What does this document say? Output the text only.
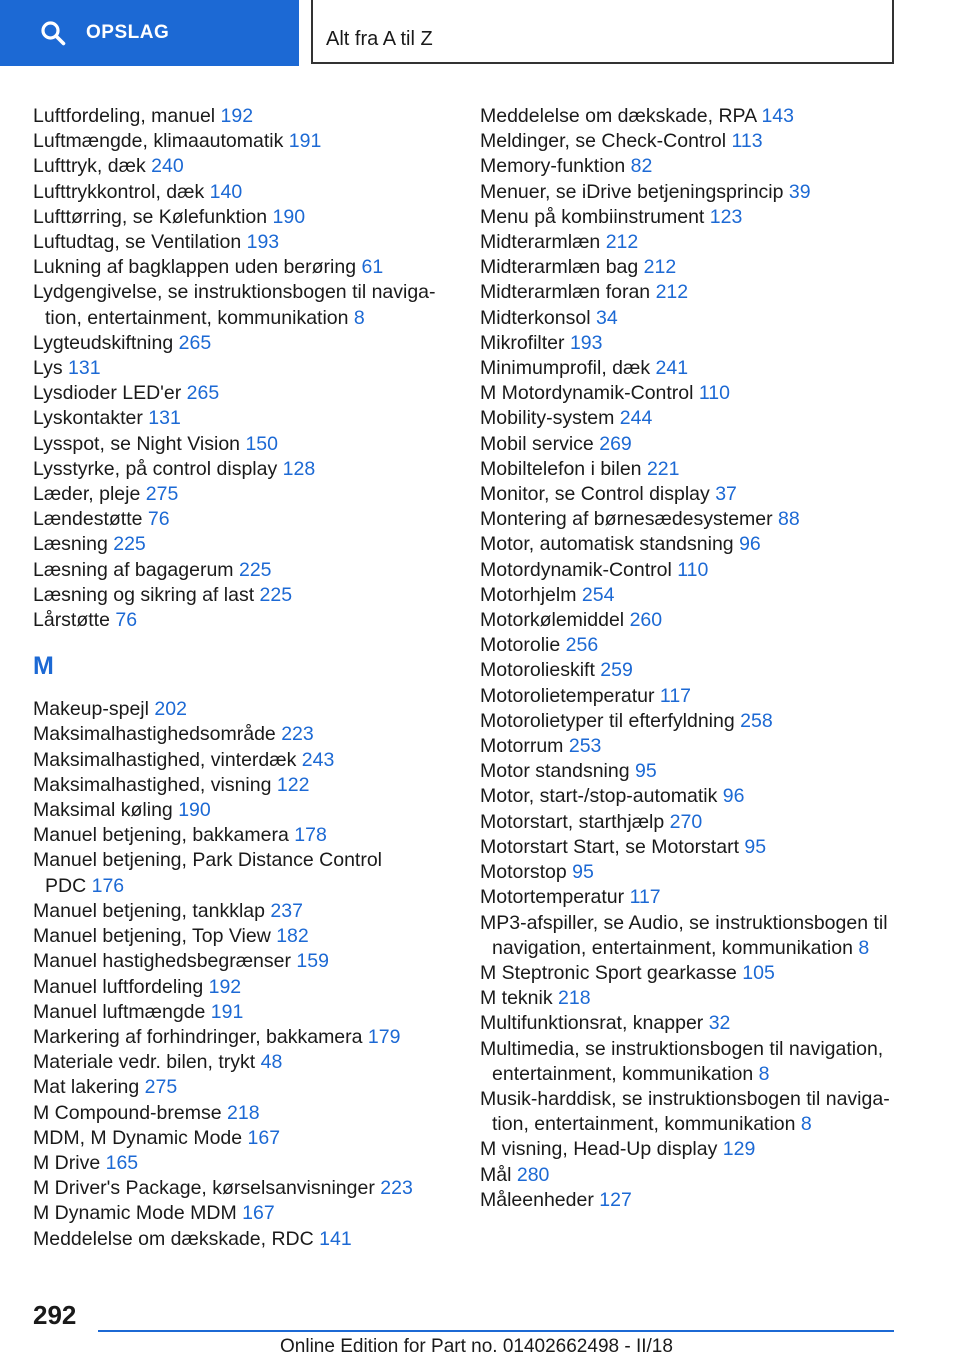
OPSLAG	Alt fra A til Z
Luftfordeling, manuel 192
Luftmængde, klimaautomatik 191
Lufttryk, dæk 240
Lufttrykkontrol, dæk 140
Lufttørring, se Kølefunktion 190
Luftudtag, se Ventilation 193
Lukning af bagklappen uden berøring 61
Lydgengivelse, se instruktionsbogen til naviga-
tion, entertainment, kommunikation 8
Lygteudskiftning 265
Lys 131
Lysdioder LED'er 265
Lyskontakter 131
Lysspot, se Night Vision 150
Lysstyrke, på control display 128
Læder, pleje 275
Lændestøtte 76
Læsning 225
Læsning af bagagerum 225
Læsning og sikring af last 225
Lårstøtte 76
M
Makeup-spejl 202
Maksimalhastighedsområde 223
Maksimalhastighed, vinterdæk 243
Maksimalhastighed, visning 122
Maksimal køling 190
Manuel betjening, bakkamera 178
Manuel betjening, Park Distance Control
PDC 176
Manuel betjening, tankklap 237
Manuel betjening, Top View 182
Manuel hastighedsbegrænser 159
Manuel luftfordeling 192
Manuel luftmængde 191
Markering af forhindringer, bakkamera 179
Materiale vedr. bilen, trykt 48
Mat lakering 275
M Compound-bremse 218
MDM, M Dynamic Mode 167
M Drive 165
M Driver's Package, kørselsanvisninger 223
M Dynamic Mode MDM 167
Meddelelse om dækskade, RDC 141
Meddelelse om dækskade, RPA 143
Meldinger, se Check-Control 113
Memory-funktion 82
Menuer, se iDrive betjeningsprincip 39
Menu på kombiinstrument 123
Midterarmlæn 212
Midterarmlæn bag 212
Midterarmlæn foran 212
Midterkonsol 34
Mikrofilter 193
Minimumprofil, dæk 241
M Motordynamik-Control 110
Mobility-system 244
Mobil service 269
Mobiltelefon i bilen 221
Monitor, se Control display 37
Montering af børnesædesystemer 88
Motor, automatisk standsning 96
Motordynamik-Control 110
Motorhjelm 254
Motorkølemiddel 260
Motorolie 256
Motorolieskift 259
Motorolietemperatur 117
Motorolietyper til efterfyldning 258
Motorrum 253
Motor standsning 95
Motor, start-/stop-automatik 96
Motorstart, starthjælp 270
Motorstart Start, se Motorstart 95
Motorstop 95
Motortemperatur 117
MP3-afspiller, se Audio, se instruktionsbogen til
navigation, entertainment, kommunikation 8
M Steptronic Sport gearkasse 105
M teknik 218
Multifunktionsrat, knapper 32
Multimedia, se instruktionsbogen til navigation,
entertainment, kommunikation 8
Musik-harddisk, se instruktionsbogen til naviga-
tion, entertainment, kommunikation 8
M visning, Head-Up display 129
Mål 280
Måleenheder 127
292
Online Edition for Part no. 01402662498 - II/18
